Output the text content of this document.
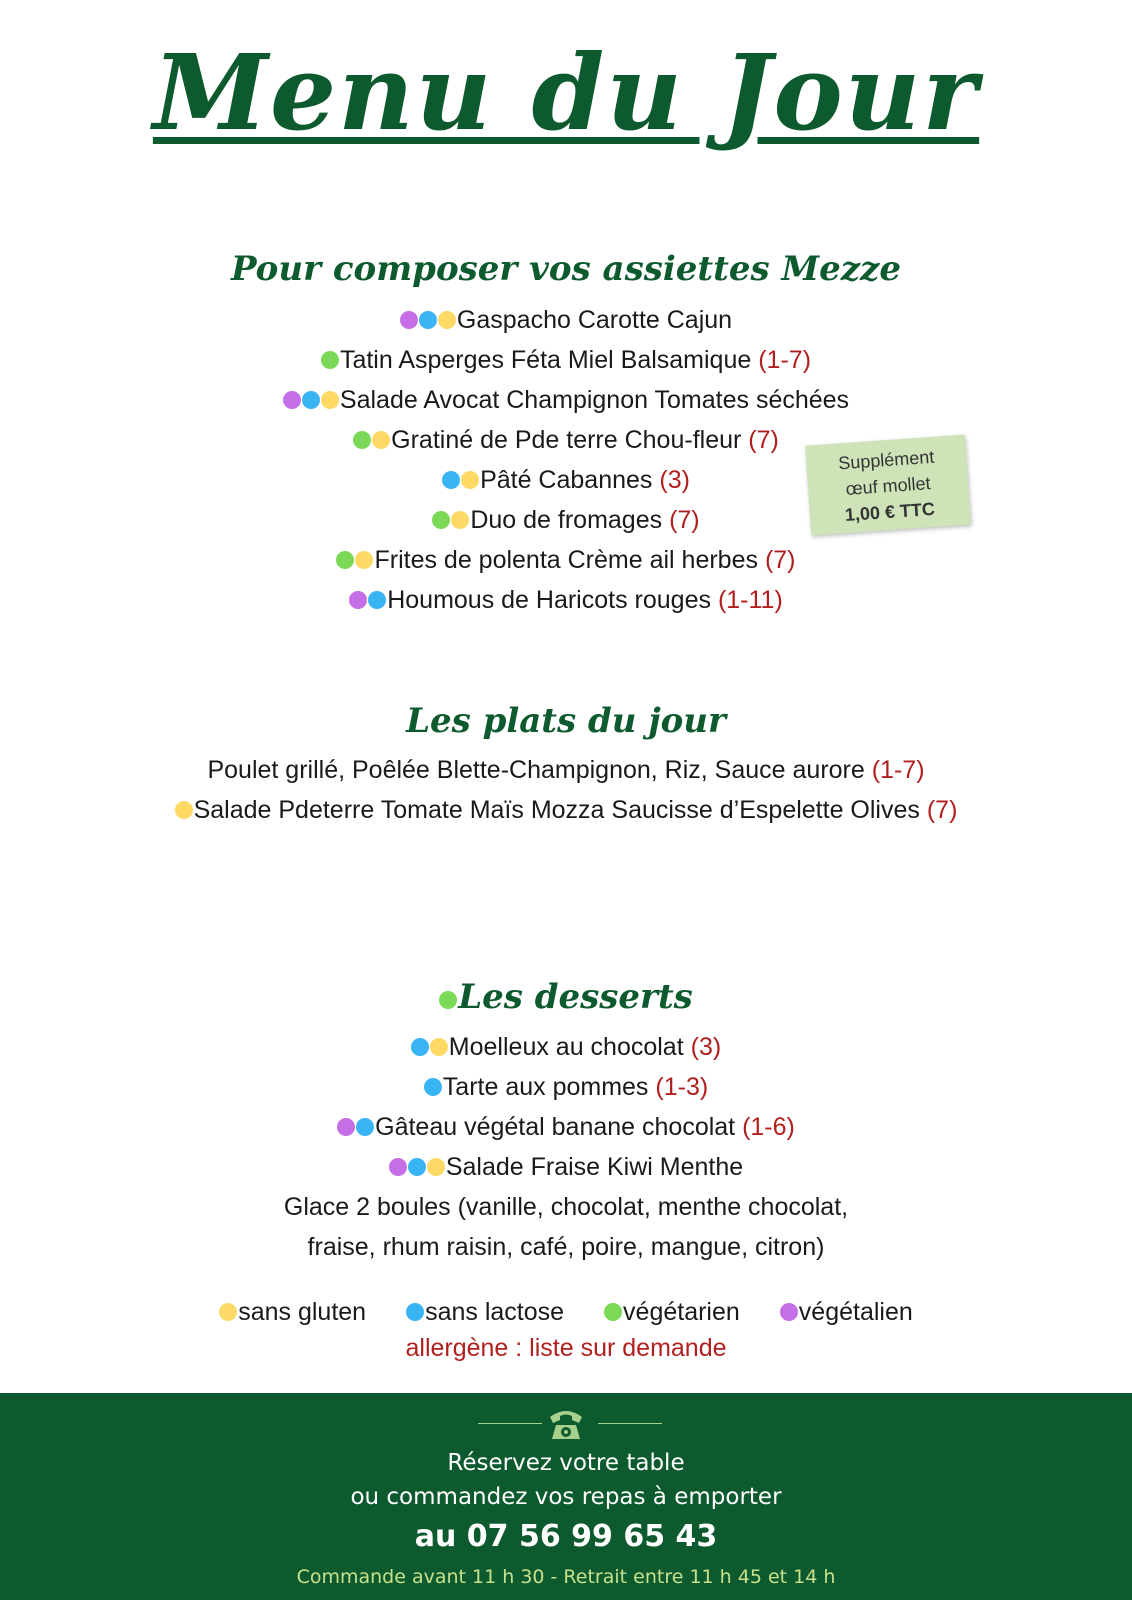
Menu du Jour
Pour composer vos assiettes Mezze
Gaspacho Carotte Cajun
Tatin Asperges Féta Miel Balsamique (1-7)
Salade Avocat Champignon Tomates séchées
Gratiné de Pde terre Chou-fleur (7)
Pâté Cabannes (3)
Duo de fromages (7)
Frites de polenta Crème ail herbes (7)
Houmous de Haricots rouges (1-11)
Supplément
œuf mollet
1,00 € TTC
Les plats du jour
Poulet grillé, Poêlée Blette-Champignon, Riz, Sauce aurore (1-7)
Salade Pdeterre Tomate Maïs Mozza Saucisse d’Espelette Olives (7)
Les desserts
Moelleux au chocolat (3)
Tarte aux pommes (1-3)
Gâteau végétal banane chocolat (1-6)
Salade Fraise Kiwi Menthe
Glace 2 boules (vanille, chocolat, menthe chocolat,
fraise, rhum raisin, café, poire, mangue, citron)
sans gluten sans lactose végétarien végétalien
allergène : liste sur demande
Réservez votre table
ou commandez vos repas à emporter
au 07 56 99 65 43
Commande avant 11 h 30 - Retrait entre 11 h 45 et 14 h
